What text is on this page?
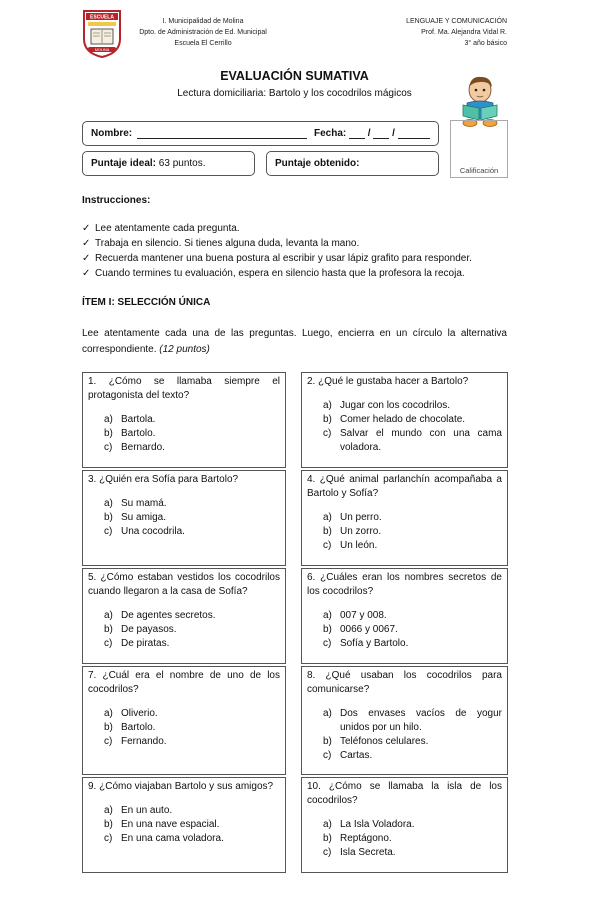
ESCUELA
MOLINA
I. Municipalidad de Molina
Dpto. de Administración de Ed. Municipal
Escuela El Cerrillo
LENGUAJE Y COMUNICACIÓN
Prof. Ma. Alejandra Vidal R.
3° año básico
EVALUACIÓN SUMATIVA
Lectura domiciliaria: Bartolo y los cocodrilos mágicos
Nombre:	Fecha: / /
Puntaje ideal: 63 puntos.	Puntaje obtenido:
Calificación
Instrucciones:
✓ Lee atentamente cada pregunta.
✓ Trabaja en silencio. Si tienes alguna duda, levanta la mano.
✓ Recuerda mantener una buena postura al escribir y usar lápiz grafito para responder.
✓ Cuando termines tu evaluación, espera en silencio hasta que la profesora la recoja.
ÍTEM I: SELECCIÓN ÚNICA
Lee atentamente cada una de las preguntas. Luego, encierra en un círculo la alternativa correspondiente. (12 puntos)
1. ¿Cómo se llamaba siempre el protagonista del texto?
a) Bartola.
b) Bartolo.
c) Bernardo.
2. ¿Qué le gustaba hacer a Bartolo?
a) Jugar con los cocodrilos.
b) Comer helado de chocolate.
c) Salvar el mundo con una cama voladora.
3. ¿Quién era Sofía para Bartolo?
a) Su mamá.
b) Su amiga.
c) Una cocodrila.
4. ¿Qué animal parlanchín acompañaba a Bartolo y Sofía?
a) Un perro.
b) Un zorro.
c) Un león.
5. ¿Cómo estaban vestidos los cocodrilos cuando llegaron a la casa de Sofía?
a) De agentes secretos.
b) De payasos.
c) De piratas.
6. ¿Cuáles eran los nombres secretos de los cocodrilos?
a) 007 y 008.
b) 0066 y 0067.
c) Sofía y Bartolo.
7. ¿Cuál era el nombre de uno de los cocodrilos?
a) Oliverio.
b) Bartolo.
c) Fernando.
8. ¿Qué usaban los cocodrilos para comunicarse?
a) Dos envases vacíos de yogur unidos por un hilo.
b) Teléfonos celulares.
c) Cartas.
9. ¿Cómo viajaban Bartolo y sus amigos?
a) En un auto.
b) En una nave espacial.
c) En una cama voladora.
10. ¿Cómo se llamaba la isla de los cocodrilos?
a) La Isla Voladora.
b) Reptágono.
c) Isla Secreta.
